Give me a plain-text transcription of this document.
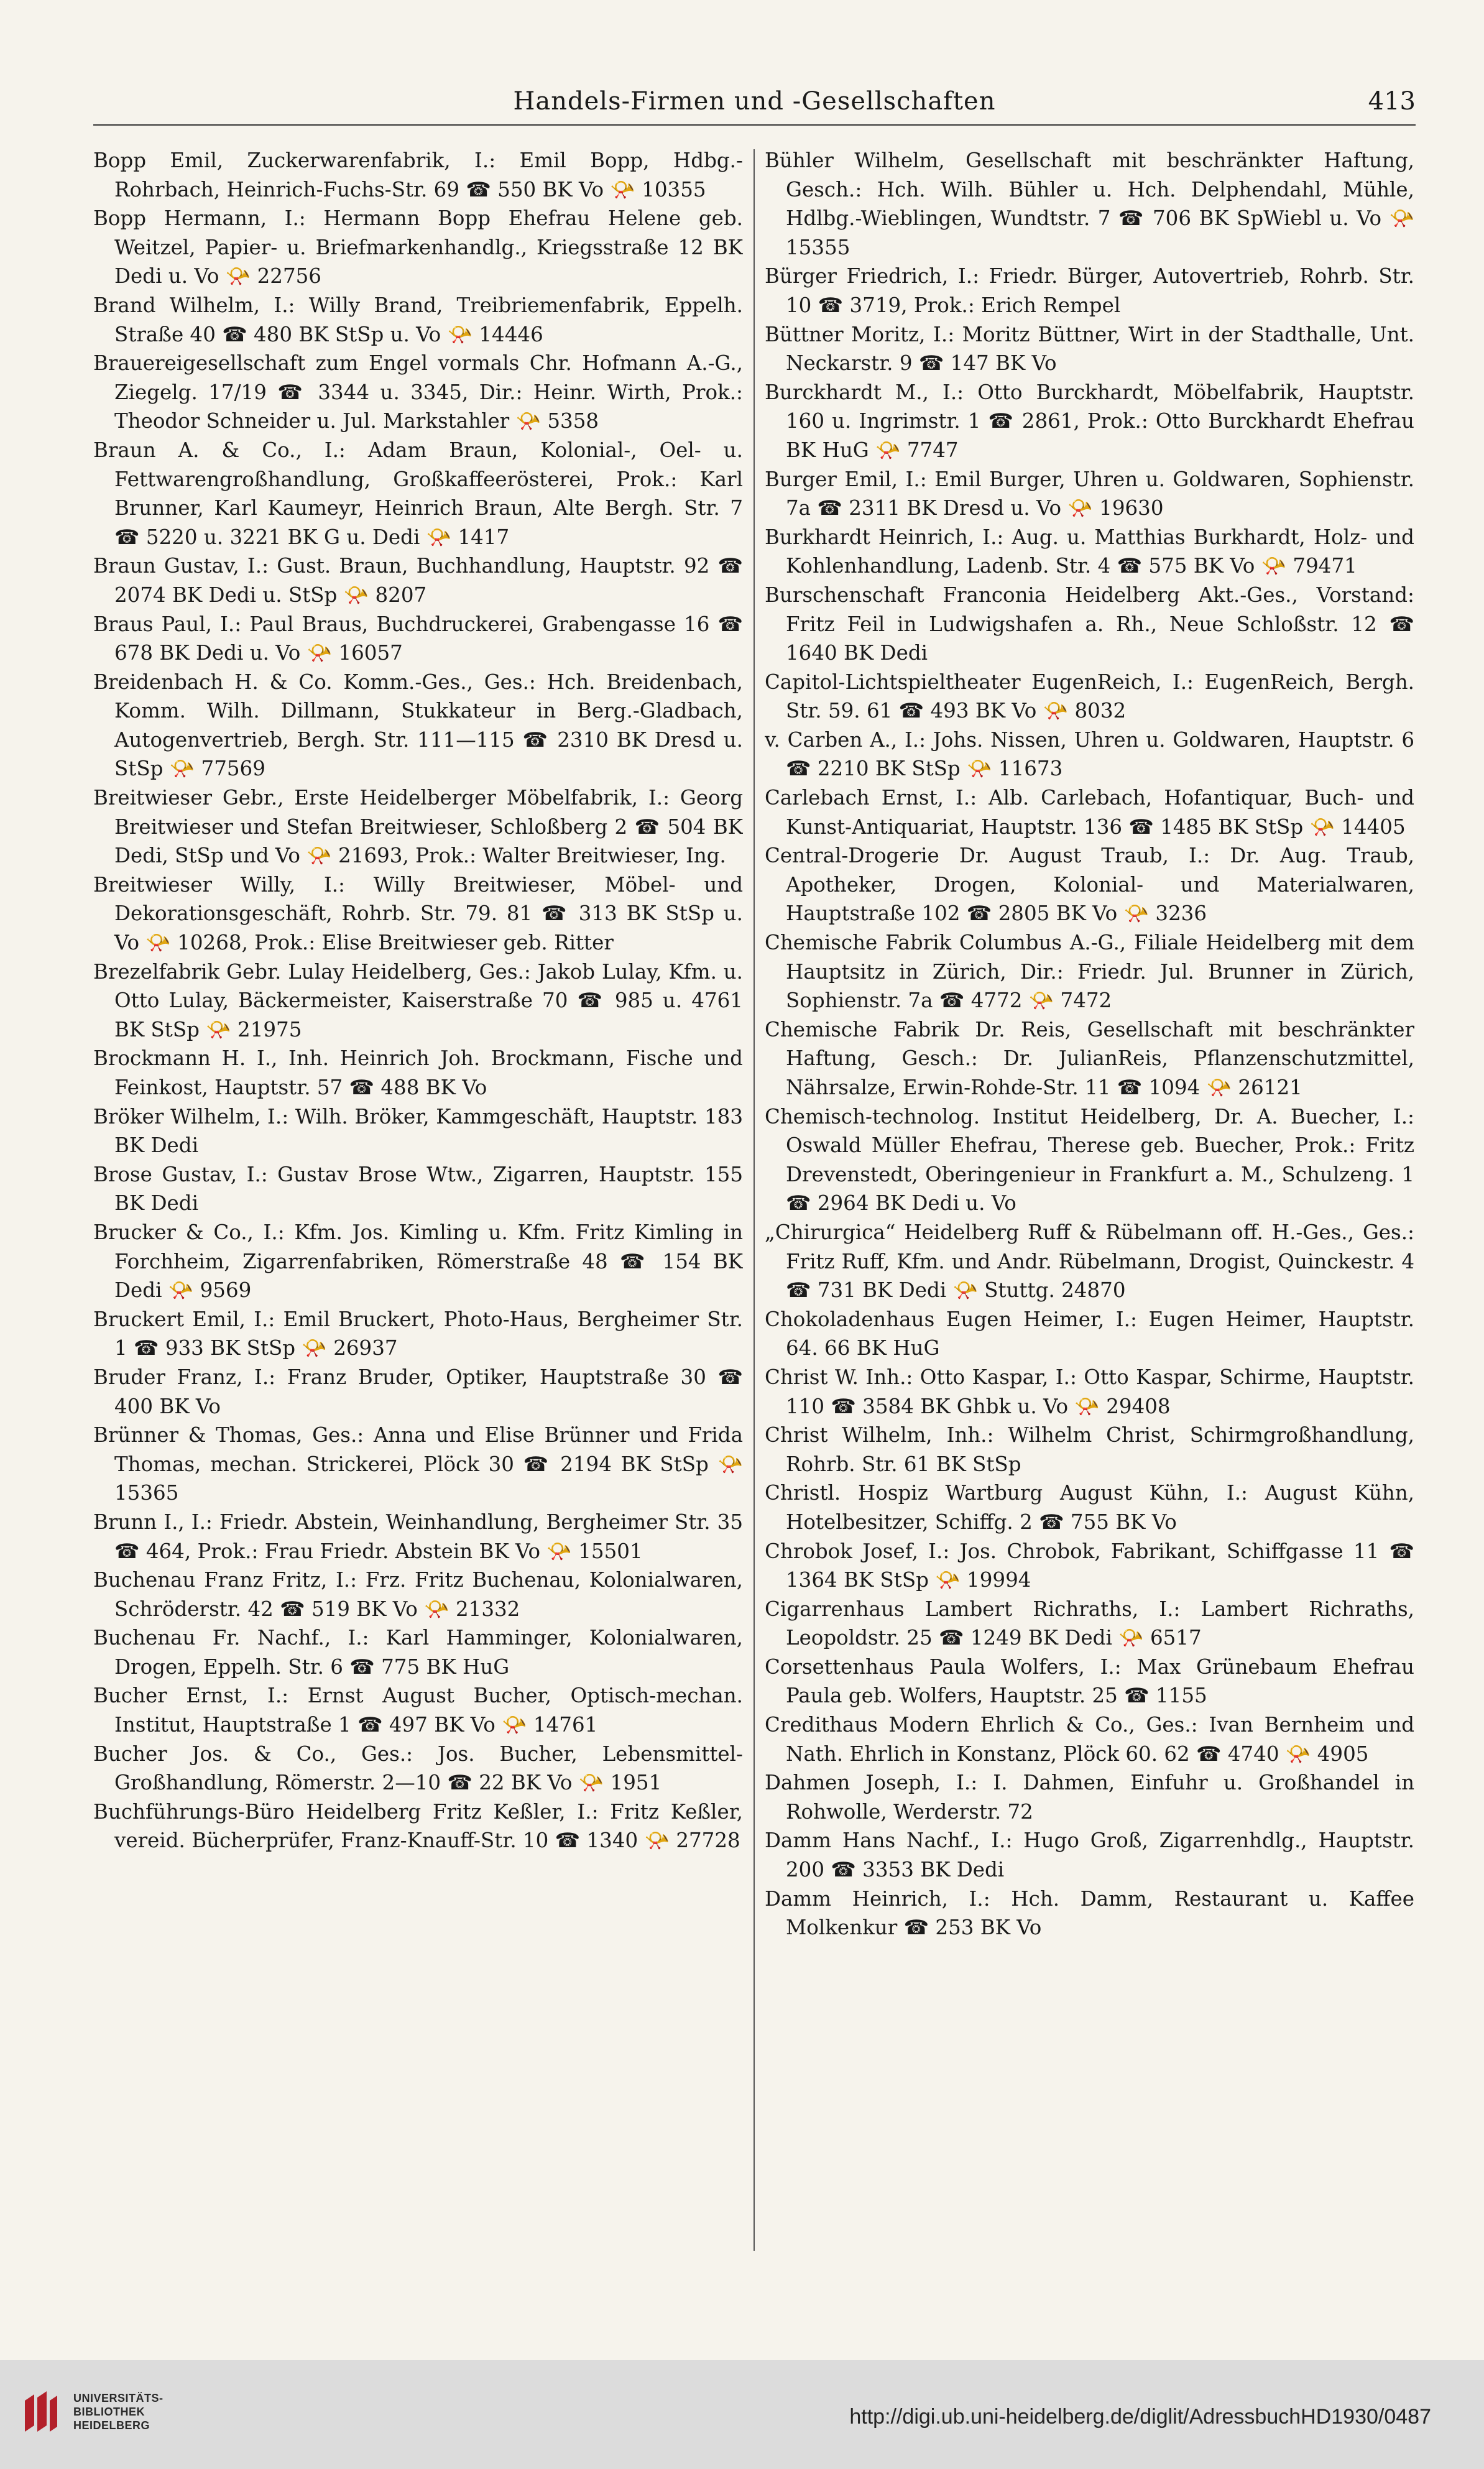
Handels-Firmen und -Gesellschaften	413

Bopp Emil, Zuckerwarenfabrik, I.: Emil Bopp, Hdbg.-Rohrbach, Heinrich-Fuchs-Str. 69 ☎ 550 BK Vo 📯 10355

Bopp Hermann, I.: Hermann Bopp Ehefrau Helene geb. Weitzel, Papier- u. Briefmarkenhandlg., Kriegsstraße 12 BK Dedi u. Vo 📯 22756

Brand Wilhelm, I.: Willy Brand, Treibriemenfabrik, Eppelh. Straße 40 ☎ 480 BK StSp u. Vo 📯 14446

Brauereigesellschaft zum Engel vormals Chr. Hofmann A.-G., Ziegelg. 17/19 ☎ 3344 u. 3345, Dir.: Heinr. Wirth, Prok.: Theodor Schneider u. Jul. Markstahler 📯 5358

Braun A. & Co., I.: Adam Braun, Kolonial-, Oel- u. Fettwarengroßhandlung, Großkaffeerösterei, Prok.: Karl Brunner, Karl Kaumeyr, Heinrich Braun, Alte Bergh. Str. 7 ☎ 5220 u. 3221 BK G u. Dedi 📯 1417

Braun Gustav, I.: Gust. Braun, Buchhandlung, Hauptstr. 92 ☎ 2074 BK Dedi u. StSp 📯 8207

Braus Paul, I.: Paul Braus, Buchdruckerei, Grabengasse 16 ☎ 678 BK Dedi u. Vo 📯 16057

Breidenbach H. & Co. Komm.-Ges., Ges.: Hch. Breidenbach, Komm. Wilh. Dillmann, Stukkateur in Berg.-Gladbach, Autogenvertrieb, Bergh. Str. 111—115 ☎ 2310 BK Dresd u. StSp 📯 77569

Breitwieser Gebr., Erste Heidelberger Möbelfabrik, I.: Georg Breitwieser und Stefan Breitwieser, Schloßberg 2 ☎ 504 BK Dedi, StSp und Vo 📯 21693, Prok.: Walter Breitwieser, Ing.

Breitwieser Willy, I.: Willy Breitwieser, Möbel- und Dekorationsgeschäft, Rohrb. Str. 79. 81 ☎ 313 BK StSp u. Vo 📯 10268, Prok.: Elise Breitwieser geb. Ritter

Brezelfabrik Gebr. Lulay Heidelberg, Ges.: Jakob Lulay, Kfm. u. Otto Lulay, Bäckermeister, Kaiserstraße 70 ☎ 985 u. 4761 BK StSp 📯 21975

Brockmann H. I., Inh. Heinrich Joh. Brockmann, Fische und Feinkost, Hauptstr. 57 ☎ 488 BK Vo

Bröker Wilhelm, I.: Wilh. Bröker, Kammgeschäft, Hauptstr. 183 BK Dedi

Brose Gustav, I.: Gustav Brose Wtw., Zigarren, Hauptstr. 155 BK Dedi

Brucker & Co., I.: Kfm. Jos. Kimling u. Kfm. Fritz Kimling in Forchheim, Zigarrenfabriken, Römerstraße 48 ☎ 154 BK Dedi 📯 9569

Bruckert Emil, I.: Emil Bruckert, Photo-Haus, Bergheimer Str. 1 ☎ 933 BK StSp 📯 26937

Bruder Franz, I.: Franz Bruder, Optiker, Hauptstraße 30 ☎ 400 BK Vo

Brünner & Thomas, Ges.: Anna und Elise Brünner und Frida Thomas, mechan. Strickerei, Plöck 30 ☎ 2194 BK StSp 📯 15365

Brunn I., I.: Friedr. Abstein, Weinhandlung, Bergheimer Str. 35 ☎ 464, Prok.: Frau Friedr. Abstein BK Vo 📯 15501

Buchenau Franz Fritz, I.: Frz. Fritz Buchenau, Kolonialwaren, Schröderstr. 42 ☎ 519 BK Vo 📯 21332

Buchenau Fr. Nachf., I.: Karl Hamminger, Kolonialwaren, Drogen, Eppelh. Str. 6 ☎ 775 BK HuG

Bucher Ernst, I.: Ernst August Bucher, Optisch-mechan. Institut, Hauptstraße 1 ☎ 497 BK Vo 📯 14761

Bucher Jos. & Co., Ges.: Jos. Bucher, Lebensmittel-Großhandlung, Römerstr. 2—10 ☎ 22 BK Vo 📯 1951

Buchführungs-Büro Heidelberg Fritz Keßler, I.: Fritz Keßler, vereid. Bücherprüfer, Franz-Knauff-Str. 10 ☎ 1340 📯 27728

Bühler Wilhelm, Gesellschaft mit beschränkter Haftung, Gesch.: Hch. Wilh. Bühler u. Hch. Delphendahl, Mühle, Hdlbg.-Wieblingen, Wundtstr. 7 ☎ 706 BK SpWiebl u. Vo 📯 15355

Bürger Friedrich, I.: Friedr. Bürger, Autovertrieb, Rohrb. Str. 10 ☎ 3719, Prok.: Erich Rempel

Büttner Moritz, I.: Moritz Büttner, Wirt in der Stadthalle, Unt. Neckarstr. 9 ☎ 147 BK Vo

Burckhardt M., I.: Otto Burckhardt, Möbelfabrik, Hauptstr. 160 u. Ingrimstr. 1 ☎ 2861, Prok.: Otto Burckhardt Ehefrau BK HuG 📯 7747

Burger Emil, I.: Emil Burger, Uhren u. Goldwaren, Sophienstr. 7a ☎ 2311 BK Dresd u. Vo 📯 19630

Burkhardt Heinrich, I.: Aug. u. Matthias Burkhardt, Holz- und Kohlenhandlung, Ladenb. Str. 4 ☎ 575 BK Vo 📯 79471

Burschenschaft Franconia Heidelberg Akt.-Ges., Vorstand: Fritz Feil in Ludwigshafen a. Rh., Neue Schloßstr. 12 ☎ 1640 BK Dedi

Capitol-Lichtspieltheater EugenReich, I.: EugenReich, Bergh. Str. 59. 61 ☎ 493 BK Vo 📯 8032

v. Carben A., I.: Johs. Nissen, Uhren u. Goldwaren, Hauptstr. 6 ☎ 2210 BK StSp 📯 11673

Carlebach Ernst, I.: Alb. Carlebach, Hofantiquar, Buch- und Kunst-Antiquariat, Hauptstr. 136 ☎ 1485 BK StSp 📯 14405

Central-Drogerie Dr. August Traub, I.: Dr. Aug. Traub, Apotheker, Drogen, Kolonial- und Materialwaren, Hauptstraße 102 ☎ 2805 BK Vo 📯 3236

Chemische Fabrik Columbus A.-G., Filiale Heidelberg mit dem Hauptsitz in Zürich, Dir.: Friedr. Jul. Brunner in Zürich, Sophienstr. 7a ☎ 4772 📯 7472

Chemische Fabrik Dr. Reis, Gesellschaft mit beschränkter Haftung, Gesch.: Dr. JulianReis, Pflanzenschutzmittel, Nährsalze, Erwin-Rohde-Str. 11 ☎ 1094 📯 26121

Chemisch-technolog. Institut Heidelberg, Dr. A. Buecher, I.: Oswald Müller Ehefrau, Therese geb. Buecher, Prok.: Fritz Drevenstedt, Oberingenieur in Frankfurt a. M., Schulzeng. 1 ☎ 2964 BK Dedi u. Vo

„Chirurgica“ Heidelberg Ruff & Rübelmann off. H.-Ges., Ges.: Fritz Ruff, Kfm. und Andr. Rübelmann, Drogist, Quinckestr. 4 ☎ 731 BK Dedi 📯 Stuttg. 24870

Chokoladenhaus Eugen Heimer, I.: Eugen Heimer, Hauptstr. 64. 66 BK HuG

Christ W. Inh.: Otto Kaspar, I.: Otto Kaspar, Schirme, Hauptstr. 110 ☎ 3584 BK Ghbk u. Vo 📯 29408

Christ Wilhelm, Inh.: Wilhelm Christ, Schirmgroßhandlung, Rohrb. Str. 61 BK StSp

Christl. Hospiz Wartburg August Kühn, I.: August Kühn, Hotelbesitzer, Schiffg. 2 ☎ 755 BK Vo

Chrobok Josef, I.: Jos. Chrobok, Fabrikant, Schiffgasse 11 ☎ 1364 BK StSp 📯 19994

Cigarrenhaus Lambert Richraths, I.: Lambert Richraths, Leopoldstr. 25 ☎ 1249 BK Dedi 📯 6517

Corsettenhaus Paula Wolfers, I.: Max Grünebaum Ehefrau Paula geb. Wolfers, Hauptstr. 25 ☎ 1155

Credithaus Modern Ehrlich & Co., Ges.: Ivan Bernheim und Nath. Ehrlich in Konstanz, Plöck 60. 62 ☎ 4740 📯 4905

Dahmen Joseph, I.: I. Dahmen, Einfuhr u. Großhandel in Rohwolle, Werderstr. 72

Damm Hans Nachf., I.: Hugo Groß, Zigarrenhdlg., Hauptstr. 200 ☎ 3353 BK Dedi

Damm Heinrich, I.: Hch. Damm, Restaurant u. Kaffee Molkenkur ☎ 253 BK Vo

UNIVERSITÄTS-
BIBLIOTHEK
HEIDELBERG	http://digi.ub.uni-heidelberg.de/diglit/AdressbuchHD1930/0487
